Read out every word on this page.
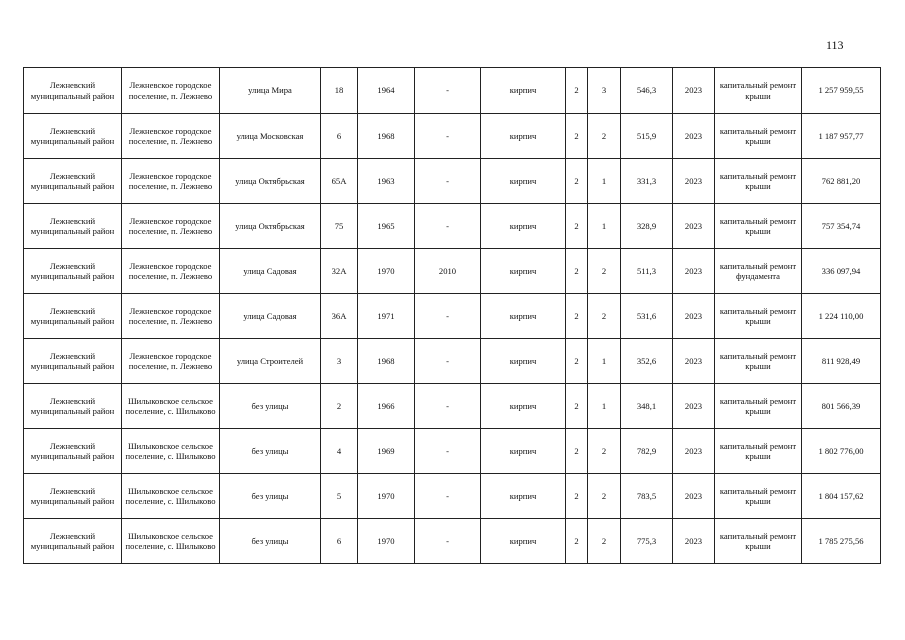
113
Лежневский муниципальный район	Лежневское городское поселение, п. Лежнево	улица Мира	18	1964	-	кирпич	2	3	546,3	2023	капитальный ремонт крыши	1 257 959,55
Лежневский муниципальный район	Лежневское городское поселение, п. Лежнево	улица Московская	6	1968	-	кирпич	2	2	515,9	2023	капитальный ремонт крыши	1 187 957,77
Лежневский муниципальный район	Лежневское городское поселение, п. Лежнево	улица Октябрьская	65А	1963	-	кирпич	2	1	331,3	2023	капитальный ремонт крыши	762 881,20
Лежневский муниципальный район	Лежневское городское поселение, п. Лежнево	улица Октябрьская	75	1965	-	кирпич	2	1	328,9	2023	капитальный ремонт крыши	757 354,74
Лежневский муниципальный район	Лежневское городское поселение, п. Лежнево	улица Садовая	32А	1970	2010	кирпич	2	2	511,3	2023	капитальный ремонт фундамента	336 097,94
Лежневский муниципальный район	Лежневское городское поселение, п. Лежнево	улица Садовая	36А	1971	-	кирпич	2	2	531,6	2023	капитальный ремонт крыши	1 224 110,00
Лежневский муниципальный район	Лежневское городское поселение, п. Лежнево	улица Строителей	3	1968	-	кирпич	2	1	352,6	2023	капитальный ремонт крыши	811 928,49
Лежневский муниципальный район	Шилыковское сельское поселение, с. Шилыково	без улицы	2	1966	-	кирпич	2	1	348,1	2023	капитальный ремонт крыши	801 566,39
Лежневский муниципальный район	Шилыковское сельское поселение, с. Шилыково	без улицы	4	1969	-	кирпич	2	2	782,9	2023	капитальный ремонт крыши	1 802 776,00
Лежневский муниципальный район	Шилыковское сельское поселение, с. Шилыково	без улицы	5	1970	-	кирпич	2	2	783,5	2023	капитальный ремонт крыши	1 804 157,62
Лежневский муниципальный район	Шилыковское сельское поселение, с. Шилыково	без улицы	6	1970	-	кирпич	2	2	775,3	2023	капитальный ремонт крыши	1 785 275,56
